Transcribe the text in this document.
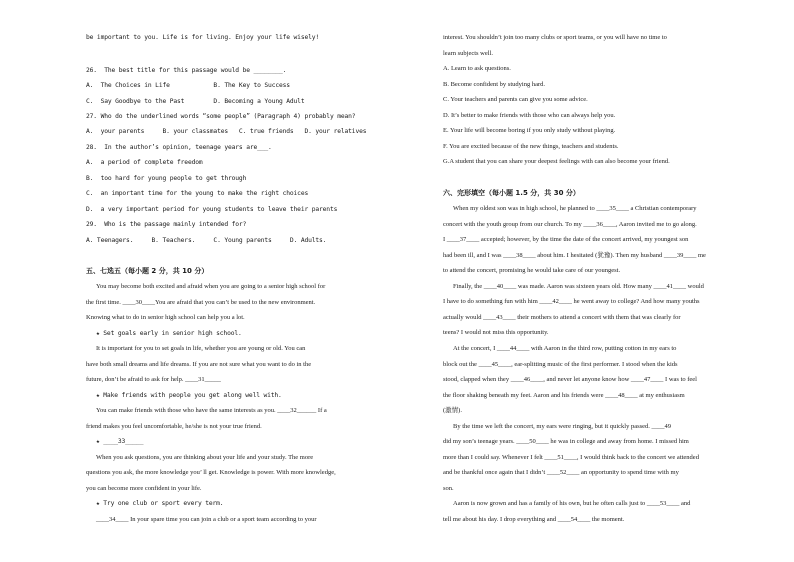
be important to you. Life is for living. Enjoy your life wisely!
26.  The best title for this passage would be ________.
A.  The Choices in Life            B. The Key to Success
C.  Say Goodbye to the Past        D. Becoming a Young Adult
27. Who do the underlined words “some people” (Paragraph 4) probably mean?
A.  your parents     B. your classmates   C. true friends   D. your relatives
28.  In the author’s opinion, teenage years are___.
A.  a period of complete freedom
B.  too hard for young people to get through
C.  an important time for the young to make the right choices
D.  a very important period for young students to leave their parents
29.  Who is the passage mainly intended for?
A. Teenagers.     B. Teachers.     C. Young parents     D. Adults.
五、七选五（每小题 2 分，共 10 分）
You may become both excited and afraid when you are going to a senior high school for
the first time. ____30____You are afraid that you can’t be used to the new environment.
Knowing what to do in senior high school can help you a lot.
★ Set goals early in senior high school.
It is important for you to set goals in life, whether you are young or old. You can
have both small dreams and life dreams. If you are not sure what you want to do in the
future, don’t be afraid to ask for help. ____31_____
★ Make friends with people you get along well with.
You can make friends with those who have the same interests as you. ____32______ If a
friend makes you feel uncomfortable, he/she is not your true friend.
★ ____33_____
When you ask questions, you are thinking about your life and your study. The more
questions you ask, the more knowledge you’ ll get. Knowledge is power. With more knowledge,
you can become more confident in your life.
★ Try one club or sport every term.
____34____ In your spare time you can join a club or a sport team according to your
interest. You shouldn’t join too many clubs or sport teams, or you will have no time to
learn subjects well.
A. Learn to ask questions.
B. Become confident by studying hard.
C. Your teachers and parents can give you some advice.
D. It’s better to make friends with those who can always help you.
E. Your life will become boring if you only study without playing.
F. You are excited because of the new things, teachers and students.
G.A student that you can share your deepest feelings with can also become your friend.
六、完形填空（每小题 1.5 分，共 30 分）
When my oldest son was in high school, he planned to ____35____ a Christian contemporary
concert with the youth group from our church. To my ____36____, Aaron invited me to go along.
I ____37____ accepted; however, by the time the date of the concert arrived, my youngest son
had been ill, and I was ____38____ about him. I hesitated (犹豫). Then my husband ____39____ me
to attend the concert, promising he would take care of our youngest.
Finally, the ____40____ was made. Aaron was sixteen years old. How many ____41____ would
I have to do something fun with him ____42____ he went away to college? And how many youths
actually would ____43____ their mothers to attend a concert with them that was clearly for
teens? I would not miss this opportunity.
At the concert, I ____44____ with Aaron in the third row, putting cotton in my ears to
block out the ____45____, ear-splitting music of the first performer. I stood when the kids
stood, clapped when they ____46____, and never let anyone know how ____47____ I was to feel
the floor shaking beneath my feet. Aaron and his friends were ____48____ at my enthusiasm
(激情).
By the time we left the concert, my ears were ringing, but it quickly passed. ____49
did my son’s teenage years. ____50____ he was in college and away from home. I missed him
more than I could say. Whenever I felt ____51____, I would think back to the concert we attended
and be thankful once again that I didn’t ____52____ an opportunity to spend time with my
son.
Aaron is now grown and has a family of his own, but he often calls just to ____53____ and
tell me about his day. I drop everything and ____54____ the moment.
